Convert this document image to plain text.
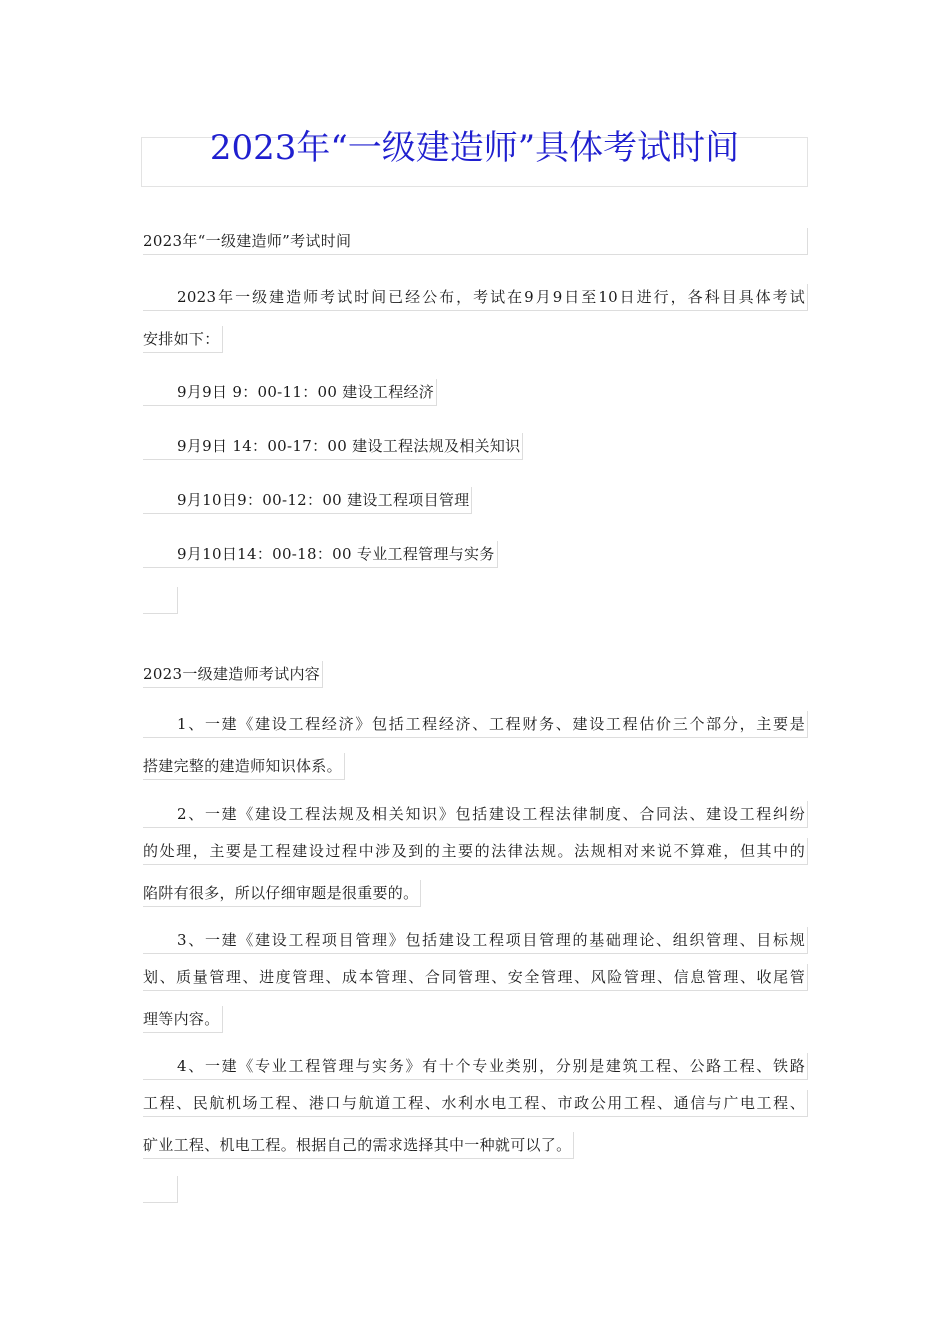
2023年“一级建造师”具体考试时间
2023年“一级建造师”考试时间
2023年一级建造师考试时间已经公布，考试在9月9日至10日进行，各科目具体考试
安排如下：
9月9日 9：00-11：00 建设工程经济
9月9日 14：00-17：00 建设工程法规及相关知识
9月10日9：00-12：00 建设工程项目管理
9月10日14：00-18：00 专业工程管理与实务
2023一级建造师考试内容
1、一建《建设工程经济》包括工程经济、工程财务、建设工程估价三个部分，主要是
搭建完整的建造师知识体系。
2、一建《建设工程法规及相关知识》包括建设工程法律制度、合同法、建设工程纠纷
的处理，主要是工程建设过程中涉及到的主要的法律法规。法规相对来说不算难，但其中的
陷阱有很多，所以仔细审题是很重要的。
3、一建《建设工程项目管理》包括建设工程项目管理的基础理论、组织管理、目标规
划、质量管理、进度管理、成本管理、合同管理、安全管理、风险管理、信息管理、收尾管
理等内容。
4、一建《专业工程管理与实务》有十个专业类别，分别是建筑工程、公路工程、铁路
工程、民航机场工程、港口与航道工程、水利水电工程、市政公用工程、通信与广电工程、
矿业工程、机电工程。根据自己的需求选择其中一种就可以了。
